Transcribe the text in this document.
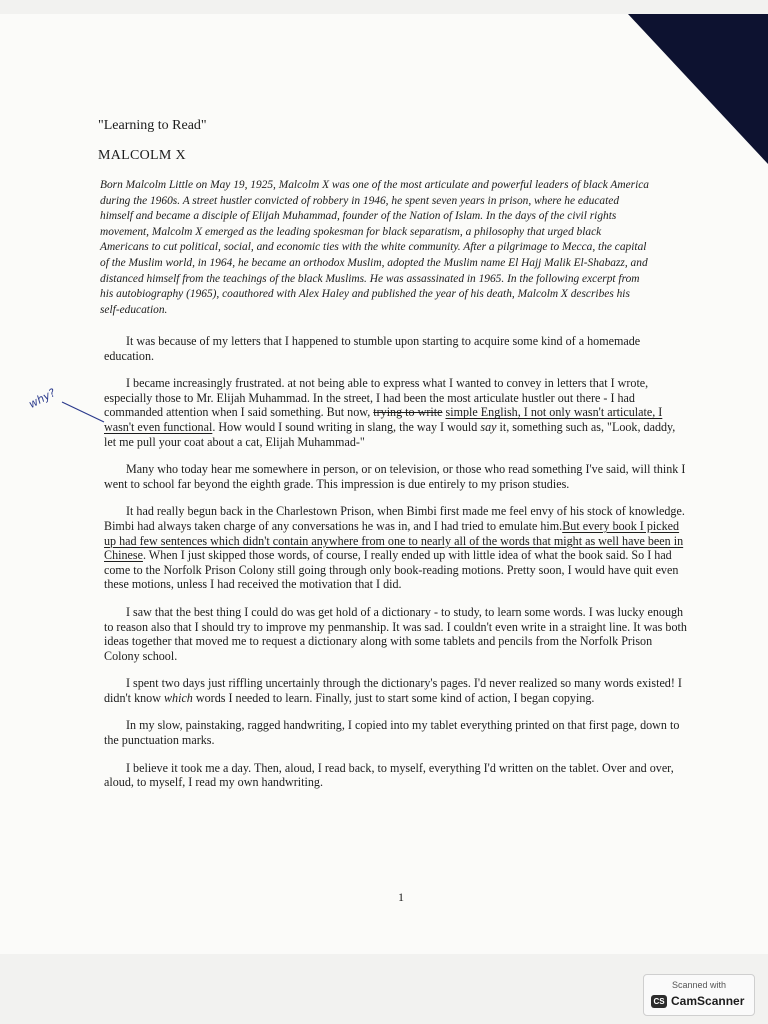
"Learning to Read"
MALCOLM X
Born Malcolm Little on May 19, 1925, Malcolm X was one of the most articulate and powerful leaders of black America during the 1960s. A street hustler convicted of robbery in 1946, he spent seven years in prison, where he educated himself and became a disciple of Elijah Muhammad, founder of the Nation of Islam. In the days of the civil rights movement, Malcolm X emerged as the leading spokesman for black separatism, a philosophy that urged black Americans to cut political, social, and economic ties with the white community. After a pilgrimage to Mecca, the capital of the Muslim world, in 1964, he became an orthodox Muslim, adopted the Muslim name El Hajj Malik El-Shabazz, and distanced himself from the teachings of the black Muslims. He was assassinated in 1965. In the following excerpt from his autobiography (1965), coauthored with Alex Haley and published the year of his death, Malcolm X describes his self-education.
why?

It was because of my letters that I happened to stumble upon starting to acquire some kind of a homemade education.

I became increasingly frustrated. at not being able to express what I wanted to convey in letters that I wrote, especially those to Mr. Elijah Muhammad. In the street, I had been the most articulate hustler out there - I had commanded attention when I said something. But now, trying to write simple English, I not only wasn't articulate, I wasn't even functional. How would I sound writing in slang, the way I would say it, something such as, "Look, daddy, let me pull your coat about a cat, Elijah Muhammad-"

Many who today hear me somewhere in person, or on television, or those who read something I've said, will think I went to school far beyond the eighth grade. This impression is due entirely to my prison studies.

It had really begun back in the Charlestown Prison, when Bimbi first made me feel envy of his stock of knowledge. Bimbi had always taken charge of any conversations he was in, and I had tried to emulate him.But every book I picked up had few sentences which didn't contain anywhere from one to nearly all of the words that might as well have been in Chinese. When I just skipped those words, of course, I really ended up with little idea of what the book said. So I had come to the Norfolk Prison Colony still going through only book-reading motions. Pretty soon, I would have quit even these motions, unless I had received the motivation that I did.

I saw that the best thing I could do was get hold of a dictionary - to study, to learn some words. I was lucky enough to reason also that I should try to improve my penmanship. It was sad. I couldn't even write in a straight line. It was both ideas together that moved me to request a dictionary along with some tablets and pencils from the Norfolk Prison Colony school.

I spent two days just riffling uncertainly through the dictionary's pages. I'd never realized so many words existed! I didn't know which words I needed to learn. Finally, just to start some kind of action, I began copying.

In my slow, painstaking, ragged handwriting, I copied into my tablet everything printed on that first page, down to the punctuation marks.

I believe it took me a day. Then, aloud, I read back, to myself, everything I'd written on the tablet. Over and over, aloud, to myself, I read my own handwriting.

1
Scanned with
CS CamScanner
